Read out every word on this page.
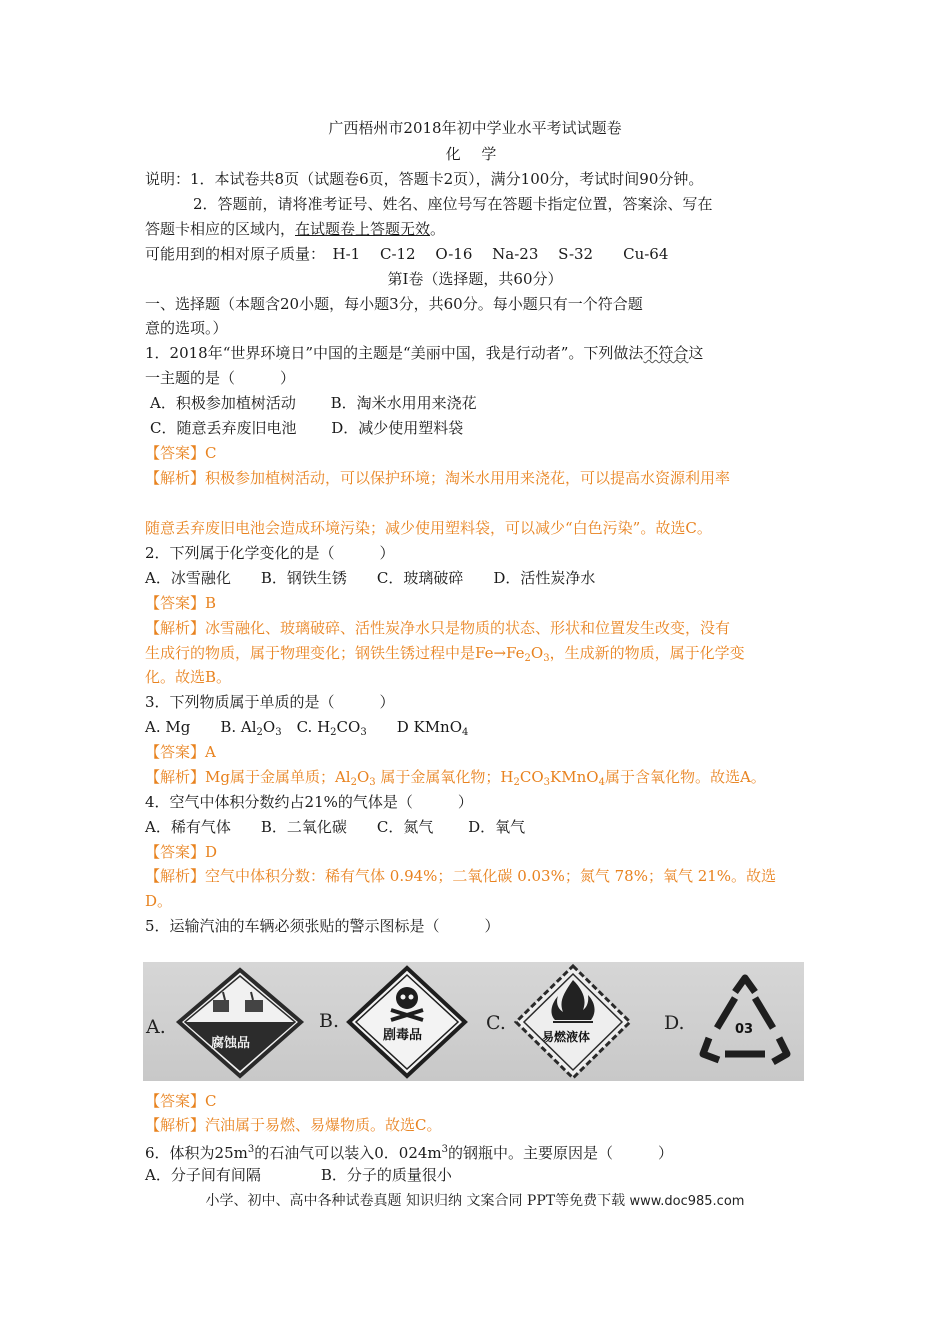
广西梧州市2018年初中学业水平考试试题卷
化 学
说明：1．本试卷共8页（试题卷6页，答题卡2页），满分100分，考试时间90分钟。
2．答题前，请将准考证号、姓名、座位号写在答题卡指定位置，答案涂、写在
答题卡相应的区域内，在试题卷上答题无效。
可能用到的相对原子质量：　H-1　 C-12　 O-16　 Na-23　 S-32　　Cu-64
第Ⅰ卷（选择题，共60分）
一、选择题（本题含20小题，每小题3分，共60分。每小题只有一个符合题
意的选项。）
1．2018年“世界环境日”中国的主题是“美丽中国，我是行动者”。下列做法不符合这
一主题的是（　　　）
A．积极参加植树活动　　 B．淘米水用用来浇花
C．随意丢弃废旧电池　　 D．减少使用塑料袋
【答案】C
【解析】积极参加植树活动，可以保护环境；淘米水用用来浇花，可以提高水资源利用率
随意丢弃废旧电池会造成环境污染；减少使用塑料袋，可以减少“白色污染”。故选C。
2．下列属于化学变化的是（　　　）
A．冰雪融化　　B．钢铁生锈　　C．玻璃破碎　　D．活性炭净水
【答案】B
【解析】冰雪融化、玻璃破碎、活性炭净水只是物质的状态、形状和位置发生改变，没有
生成行的物质，属于物理变化；钢铁生锈过程中是$Fe\to Fe_2O_3$，生成新的物质，属于化学变
化。故选B。
3．下列物质属于单质的是（　　　）
A. Mg　　B. $Al_2O_3$　C. $H_2CO_3$　　D KMnO$_4$
【答案】A
【解析】Mg属于金属单质；$Al_2O_3$ 属于金属氧化物；$H_2CO_3KMnO_4$属于含氧化物。故选A。
4．空气中体积分数约占21%的气体是（　　　）
A．稀有气体　　B．二氧化碳　　C．氮气　　 D．氧气
【答案】D
【解析】空气中体积分数：稀有气体 0.94%；二氧化碳 0.03%；氮气 78%；氧气 21%。故选
D。
5．运输汽油的车辆必须张贴的警示图标是（　　　）
A.	B.	C.	D.
腐蚀品
剧毒品	易燃液体	03
【答案】C
【解析】汽油属于易燃、易爆物质。故选C。
6．体积为$25m^3$的石油气可以装入0．$024m^3$的钢瓶中。主要原因是（　　　）
A．分子间有间隔　　　　B．分子的质量很小
小学、初中、高中各种试卷真题 知识归纳 文案合同 PPT等免费下载 www.doc985.com
